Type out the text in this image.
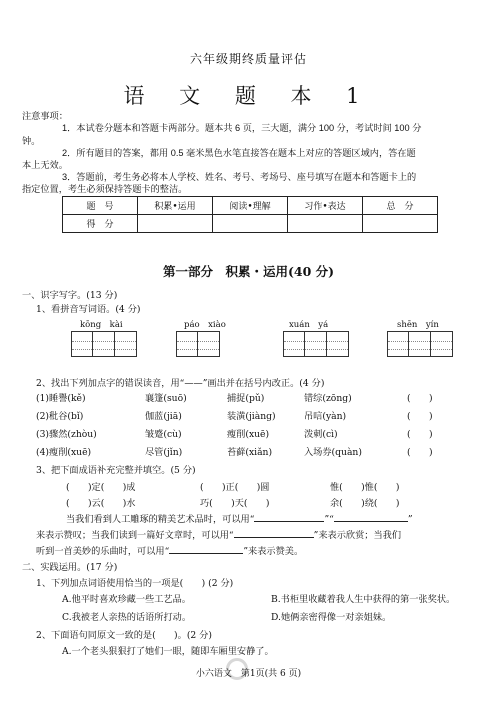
六年级期终质量评估
语 文 题 本 1
注意事项：
1．本试卷分题本和答题卡两部分。题本共 6 页，三大题，满分 100 分，考试时间 100 分
钟。
2．所有题目的答案，都用 0.5 毫米黑色水笔直接答在题本上对应的答题区域内，答在题
本上无效。
3．答题前，考生务必将本人学校、姓名、考号、考场号、座号填写在题本和答题卡上的
指定位置，考生必须保持答题卡的整洁。
题　号	积累•运用	阅读•理解	习作•表达	总　分
得　分				
第一部分　积累・运用(40 分)
一、识字写字。(13 分)
1、看拼音写词语。(4 分)
kōng　kài	páo　xiào	xuán　yá	shēn　yín
2、找出下列加点字的错误读音，用“——”画出并在括号内改正。(4 分)
(1)睡譽(kě)	襄篷(suō)	捕捉(pǔ)	错综(zōng)	(　　)
(2)秕谷(bǐ)	伽蓝(jiā)	装潢(jiàng)	吊唁(yàn)	(　　)
(3)骤然(zhòu)	皱蹙(cù)	瘦削(xuē)	泼刺(cì)	(　　)
(4)瘦削(xuē)	尽管(jǐn)	苔藓(xiǎn)	入场券(quàn)	(　　)
3、把下面成语补充完整并填空。(5 分)
(　　)定(　　)成	(　　)正(　　)圆	惟(　　)惟(　　)
(　　)云(　　)水	巧(　　)天(　　)	余(　　)绕(　　)
当我们看到人工雕琢的精美艺术品时，可以用“	”“	”
来表示赞叹；当我们读到一篇好文章时，可以用“	”来表示欣赏；当我们
听到一首美妙的乐曲时，可以用“	”来表示赞美。
二、实践运用。(17 分)
1、下列加点词语使用恰当的一项是(　　) (2 分)
A.他平时喜欢珍藏一些工艺品。	B.书柜里收藏着我人生中获得的第一张奖状。
C.我被老人亲热的话语所打动。	D.她俩亲密得像一对亲姐妹。
2、下面语句同原文一致的是(　　)。(2 分)
A.一个老头狠狠打了她们一眼，随即车厢里安静了。
小六语文　第1页(共 6 页)
